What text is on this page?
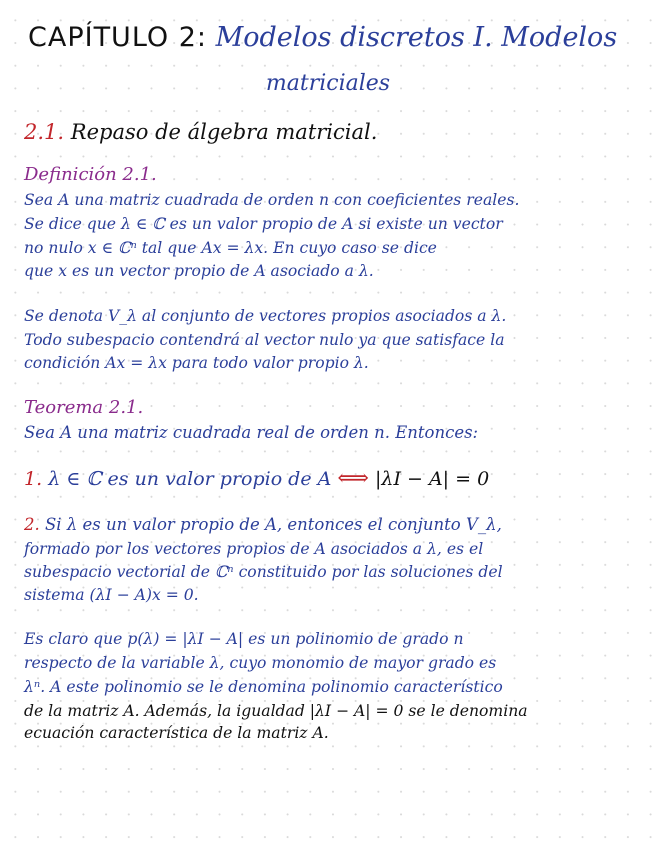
CAPÍTULO 2: Modelos discretos I. Modelos
matriciales
2.1. Repaso de álgebra matricial.
Definición 2.1.
Sea A una matriz cuadrada de orden n con coeficientes reales.
Se dice que λ ∈ ℂ es un valor propio de A si existe un vector
no nulo x ∈ ℂⁿ tal que Ax = λx. En cuyo caso se dice
que x es un vector propio de A asociado a λ.
Se denota V_λ al conjunto de vectores propios asociados a λ.
Todo subespacio contendrá al vector nulo ya que satisface la
condición Ax = λx para todo valor propio λ.
Teorema 2.1.
Sea A una matriz cuadrada real de orden n. Entonces:
1. λ ∈ ℂ es un valor propio de A ⟺ |λI − A| = 0
2. Si λ es un valor propio de A, entonces el conjunto V_λ,
formado por los vectores propios de A asociados a λ, es el
subespacio vectorial de ℂⁿ constituido por las soluciones del
sistema (λI − A)x = 0.
Es claro que p(λ) = |λI − A| es un polinomio de grado n
respecto de la variable λ, cuyo monomio de mayor grado es
λⁿ. A este polinomio se le denomina polinomio característico
de la matriz A. Además, la igualdad |λI − A| = 0 se le denomina
ecuación característica de la matriz A.
